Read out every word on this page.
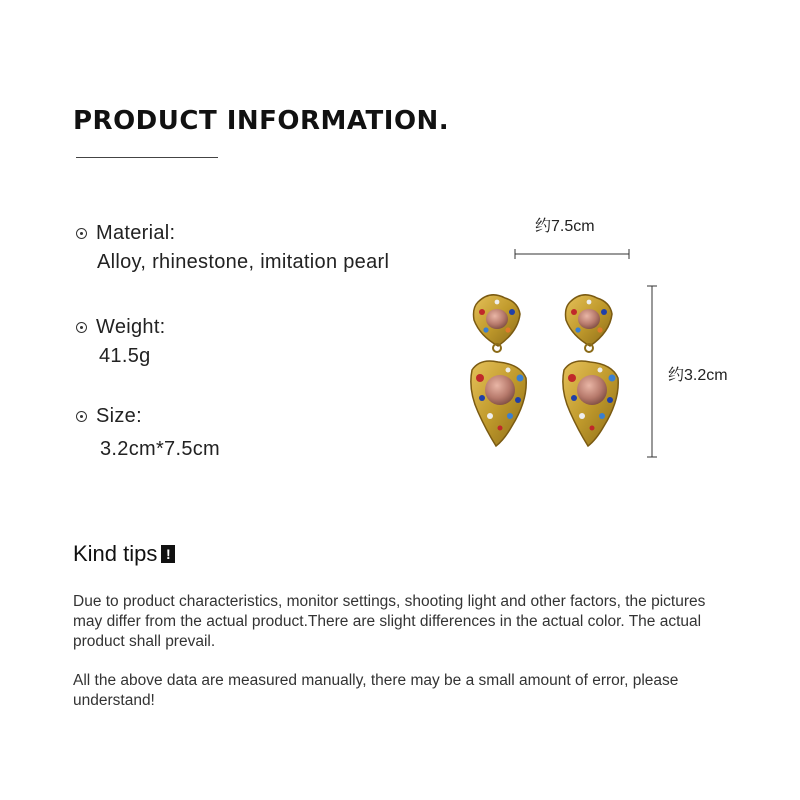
PRODUCT INFORMATION.
Material:
Alloy, rhinestone, imitation pearl
Weight:
41.5g
Size:
3.2cm*7.5cm
约7.5cm
约3.2cm
Kind tips !

Due to product characteristics, monitor settings, shooting light and other factors, the pictures may differ from the actual product.There are slight differences in the actual color. The actual product shall prevail.

All the above data are measured manually, there may be a small amount of error, please understand!
